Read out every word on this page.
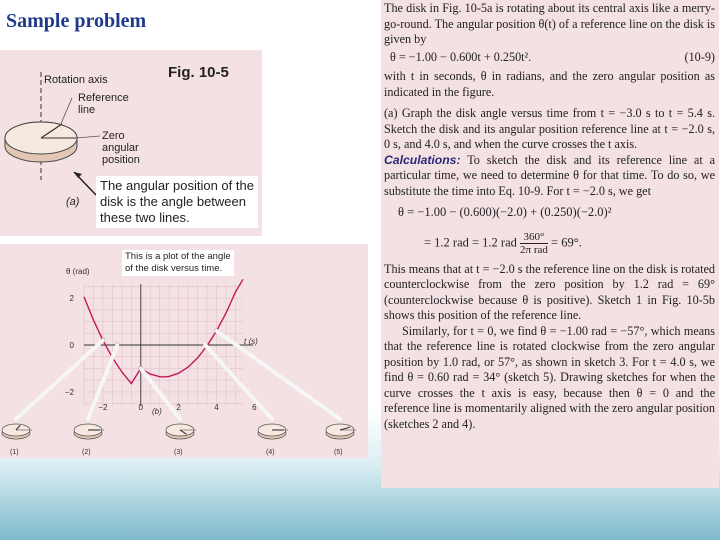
Sample problem
Fig. 10-5
Rotation axis
Reference line
Zero angular position
(a)
The angular position of the disk is the angle between these two lines.
This is a plot of the angle of the disk versus time.
−2	0	2	4	6
2
0
−2
θ (rad)
t (s)
(b)
(1)	(2)	(3)	(4)	(5)

The disk in Fig. 10-5a is rotating about its central axis like a merry-go-round. The angular position θ(t) of a reference line on the disk is given by

θ = −1.00 − 0.600t + 0.250t².	(10-9)

with t in seconds, θ in radians, and the zero angular position as indicated in the figure.

(a) Graph the disk angle versus time from t = −3.0 s to t = 5.4 s. Sketch the disk and its angular position reference line at t = −2.0 s, 0 s, and 4.0 s, and when the curve crosses the t axis.

Calculations: To sketch the disk and its reference line at a particular time, we need to determine θ for that time. To do so, we substitute the time into Eq. 10-9. For t = −2.0 s, we get

θ = −1.00 − (0.600)(−2.0) + (0.250)(−2.0)²
= 1.2 rad = 1.2 rad $\frac{360^\circ}{\text{2π rad}} = 69^\circ$.

This means that at t = −2.0 s the reference line on the disk is rotated counterclockwise from the zero position by 1.2 rad = 69° (counterclockwise because θ is positive). Sketch 1 in Fig. 10-5b shows this position of the reference line.

Similarly, for t = 0, we find θ = −1.00 rad = −57°, which means that the reference line is rotated clockwise from the zero angular position by 1.0 rad, or 57°, as shown in sketch 3. For t = 4.0 s, we find θ = 0.60 rad = 34° (sketch 5). Drawing sketches for when the curve crosses the t axis is easy, because then θ = 0 and the reference line is momentarily aligned with the zero angular position (sketches 2 and 4).
